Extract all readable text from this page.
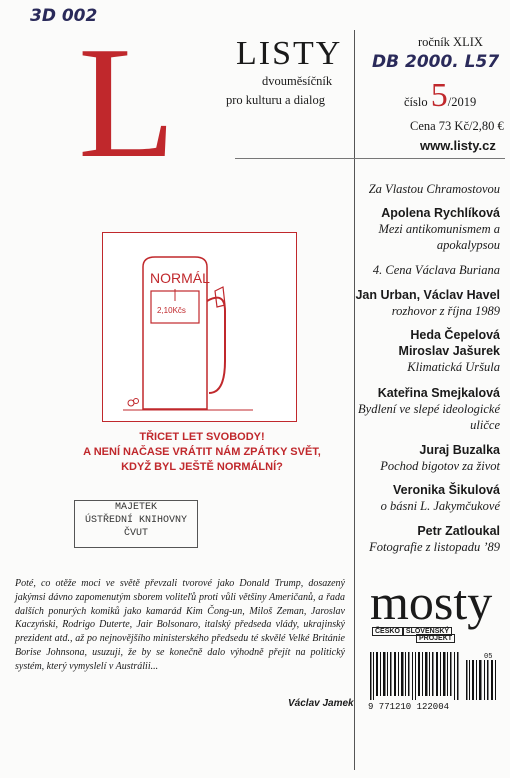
3D 002
DB 2000. L57
L LISTY
dvouměsíčník
pro kulturu a dialog
ročník XLIX
číslo 5/2019
Cena 73 Kč/2,80 €
www.listy.cz
Za Vlastou Chramostovou
Apolena Rychlíková
Mezi antikomunismem a apokalypsou
4. Cena Václava Buriana
Jan Urban, Václav Havel
rozhovor z října 1989
Heda Čepelová
Miroslav Jašurek
Klimatická Uršula
Kateřina Smejkalová
Bydlení ve slepé ideologické uličce
Juraj Buzalka
Pochod bigotov za život
Veronika Šikulová
o básni L. Jakymčukové
Petr Zatloukal
Fotografie z listopadu ’89
NORMÁL
2,10Kčs
TŘICET LET SVOBODY!
A NENÍ NAČASE VRÁTIT NÁM ZPÁTKY SVĚT,
KDYŽ BYL JEŠTĚ NORMÁLNÍ?
MAJETEK
ÚSTŘEDNÍ KNIHOVNY
ČVUT
Poté, co otěže moci ve světě převzali tvorové jako Donald Trump, dosazený jakýmsi dávno zapomenutým sborem voliteľů proti vůli většiny Američanů, a řada dalších ponurých komiků jako kamarád Kim Čong-un, Miloš Zeman, Jaroslav Kaczyński, Rodrigo Duterte, Jair Bolsonaro, italský předseda vlády, ukrajinský prezident atd., až po nejnovějšího ministerského předsedu té skvělé Velké Británie Borise Johnsona, usuzuji, že by se konečně dalo výhodně přejít na politický systém, který vymyslelí v Austrálii...
Václav Jamek
mosty
ČESKO SLOVENSKÝ
PROJEKT
9 771210 122004
05
